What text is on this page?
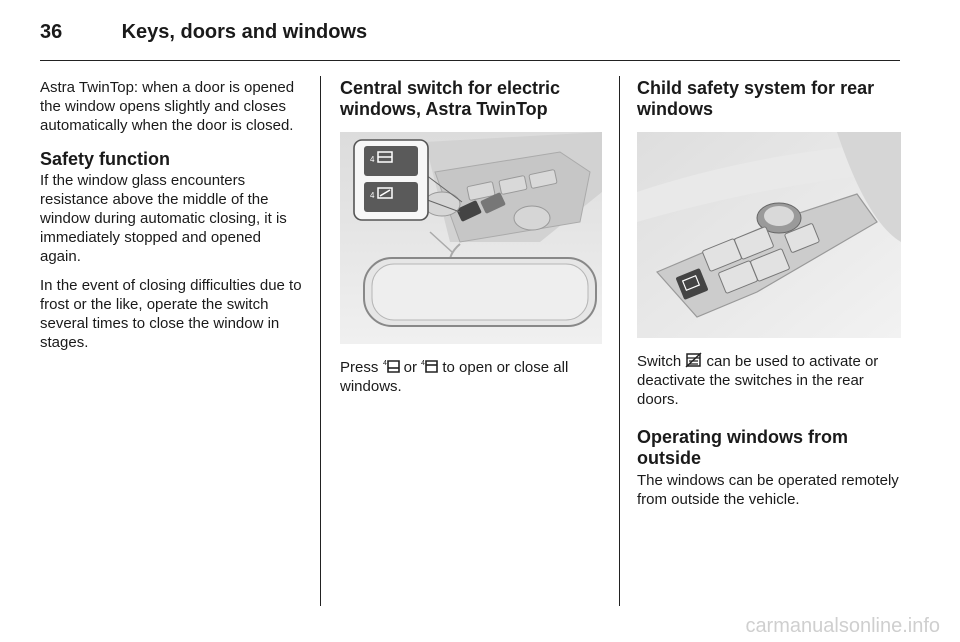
36	Keys, doors and windows

Astra TwinTop: when a door is opened the window opens slightly and closes automatically when the door is closed.

Safety function

If the window glass encounters resistance above the middle of the window during automatic closing, it is immediately stopped and opened again.

In the event of closing difficulties due to frost or the like, operate the switch several times to close the window in stages.

Central switch for electric windows, Astra TwinTop
4
4

Press 4 or 4 to open or close all windows.

Child safety system for rear windows

Switch  can be used to activate or deactivate the switches in the rear doors.

Operating windows from outside

The windows can be operated remotely from outside the vehicle.

carmanualsonline.info
